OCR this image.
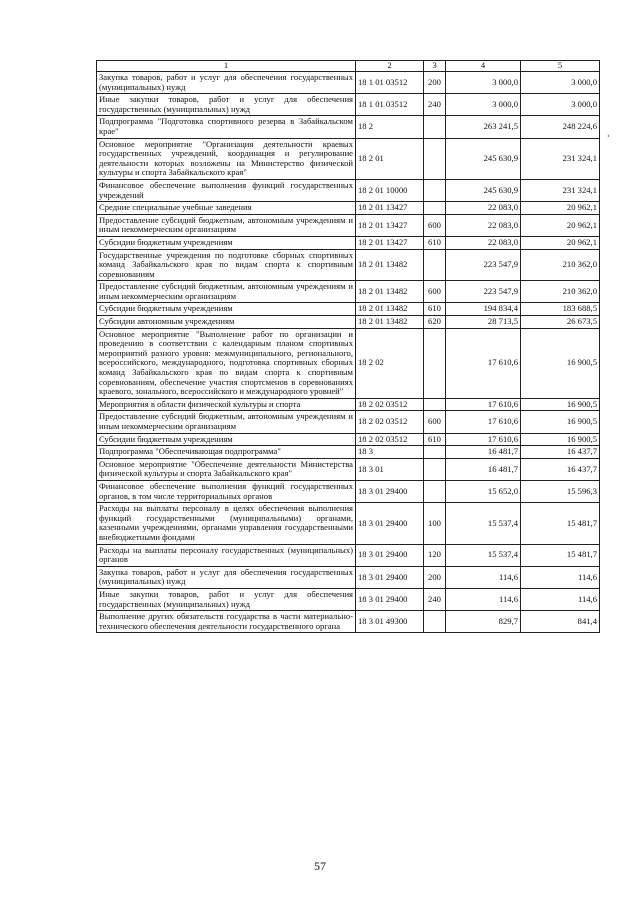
1	2	3	4	5
Закупка товаров, работ и услуг для обеспечения государственных (муниципальных) нужд	18 1 01 03512	200	3 000,0	3 000,0
Иные закупки товаров, работ и услуг для обеспечения государственных (муниципальных) нужд	18 1 01 03512	240	3 000,0	3 000,0
Подпрограмма "Подготовка спортивного резерва в Забайкальском крае"	18 2		263 241,5	248 224,6
Основное мероприятие "Организация деятельности краевых государственных учреждений, координация и регулирование деятельности которых возложены на Министерство физической культуры и спорта Забайкальского края"	18 2 01		245 630,9	231 324,1
Финансовое обеспечение выполнения функций государственных учреждений	18 2 01 10000		245 630,9	231 324,1
Средние специальные учебные заведения	18 2 01 13427		22 083,0	20 962,1
Предоставление субсидий бюджетным, автономным учреждениям и иным некоммерческим организациям	18 2 01 13427	600	22 083,0	20 962,1
Субсидии бюджетным учреждениям	18 2 01 13427	610	22 083,0	20 962,1
Государственные учреждения по подготовке сборных спортивных команд Забайкальского края по видам спорта к спортивным соревнованиям	18 2 01 13482		223 547,9	210 362,0
Предоставление субсидий бюджетным, автономным учреждениям и иным некоммерческим организациям	18 2 01 13482	600	223 547,9	210 362,0
Субсидии бюджетным учреждениям	18 2 01 13482	610	194 834,4	183 688,5
Субсидии автономным учреждениям	18 2 01 13482	620	28 713,5	26 673,5
Основное мероприятие "Выполнение работ по организации и проведению в соответствии с календарным планом спортивных мероприятий разного уровня: межмуниципального, регионального, всероссийского, международного, подготовка спортивных сборных команд Забайкальского края по видам спорта к спортивным соревнованиям, обеспечение участия спортсменов в соревнованиях краевого, зонального, всероссийского и международного уровней"	18 2 02		17 610,6	16 900,5
Мероприятия в области физической культуры и спорта	18 2 02 03512		17 610,6	16 900,5
Предоставление субсидий бюджетным, автономным учреждениям и иным некоммерческим организациям	18 2 02 03512	600	17 610,6	16 900,5
Субсидии бюджетным учреждениям	18 2 02 03512	610	17 610,6	16 900,5
Подпрограмма "Обеспечивающая подпрограмма"	18 3		16 481,7	16 437,7
Основное мероприятие "Обеспечение деятельности Министерства физической культуры и спорта Забайкальского края"	18 3 01		16 481,7	16 437,7
Финансовое обеспечение выполнения функций государственных органов, в том числе территориальных органов	18 3 01 29400		15 652,0	15 596,3
Расходы на выплаты персоналу в целях обеспечения выполнения функций государственными (муниципальными) органами, казенными учреждениями, органами управления государственными внебюджетными фондами	18 3 01 29400	100	15 537,4	15 481,7
Расходы на выплаты персоналу государственных (муниципальных) органов	18 3 01 29400	120	15 537,4	15 481,7
Закупка товаров, работ и услуг для обеспечения государственных (муниципальных) нужд	18 3 01 29400	200	114,6	114,6
Иные закупки товаров, работ и услуг для обеспечения государственных (муниципальных) нужд	18 3 01 29400	240	114,6	114,6
Выполнение других обязательств государства в части материально-технического обеспечения деятельности государственного органа	18 3 01 49300		829,7	841,4
57
›
